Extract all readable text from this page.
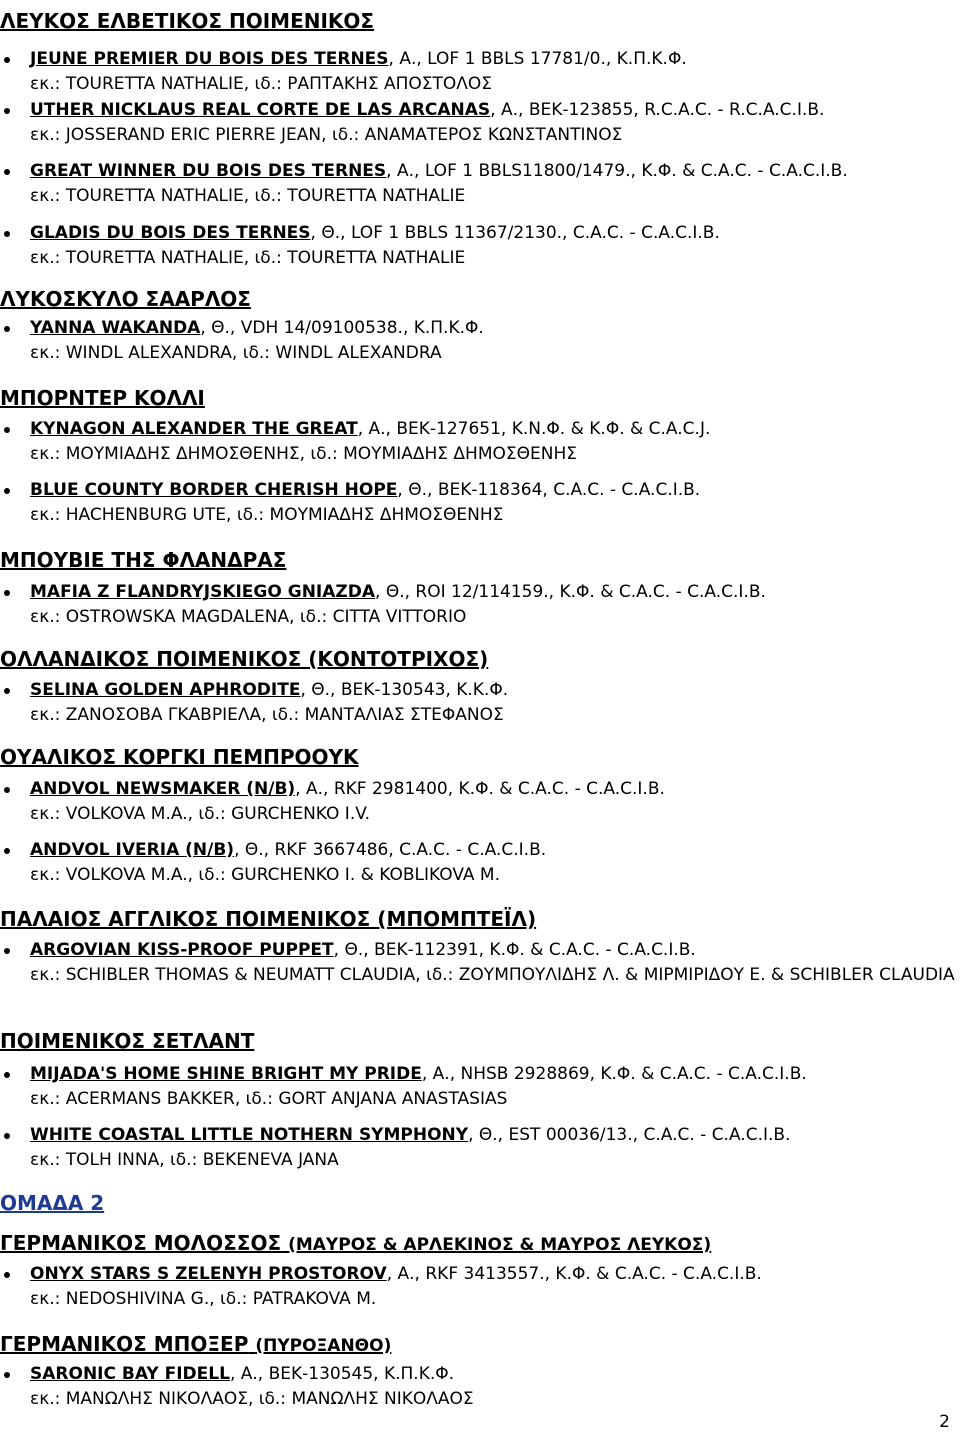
ΛΕΥΚΟΣ ΕΛΒΕΤΙΚΟΣ ΠΟΙΜΕΝΙΚΟΣ
JEUNE PREMIER DU BOIS DES TERNES, Α., LOF 1 BBLS 17781/0., Κ.Π.Κ.Φ.
εκ.: TOURETTA NATHALIE, ιδ.: ΡΑΠΤΑΚΗΣ ΑΠΟΣΤΟΛΟΣ
UTHER NICKLAUS REAL CORTE DE LAS ARCANAS, Α., ΒΕΚ-123855, R.C.A.C. - R.C.A.C.I.B.
εκ.: JOSSERAND ERIC PIERRE JEAN, ιδ.: ΑΝΑΜΑΤΕΡΟΣ ΚΩΝΣΤΑΝΤΙΝΟΣ
GREAT WINNER DU BOIS DES TERNES, Α., LOF 1 BBLS11800/1479., Κ.Φ. & C.A.C. - C.A.C.I.B.
εκ.: TOURETTA NATHALIE, ιδ.: TOURETTA NATHALIE
GLADIS DU BOIS DES TERNES, Θ., LOF 1 BBLS 11367/2130., C.A.C. - C.A.C.I.B.
εκ.: TOURETTA NATHALIE, ιδ.: TOURETTA NATHALIE
ΛΥΚΟΣΚΥΛΟ ΣΑΑΡΛΟΣ
YANNA WAKANDA, Θ., VDH 14/09100538., Κ.Π.Κ.Φ.
εκ.: WINDL ALEXANDRA, ιδ.: WINDL ALEXANDRA
ΜΠΟΡΝΤΕΡ ΚΟΛΛΙ
KYNAGON ALEXANDER THE GREAT, Α., ΒΕΚ-127651, Κ.Ν.Φ. & Κ.Φ. & C.A.C.J.
εκ.: ΜΟΥΜΙΑΔΗΣ ΔΗΜΟΣΘΕΝΗΣ, ιδ.: ΜΟΥΜΙΑΔΗΣ ΔΗΜΟΣΘΕΝΗΣ
BLUE COUNTY BORDER CHERISH HOPE, Θ., ΒΕΚ-118364, C.A.C. - C.A.C.I.B.
εκ.: HACHENBURG UTE, ιδ.: ΜΟΥΜΙΑΔΗΣ ΔΗΜΟΣΘΕΝΗΣ
ΜΠΟΥΒΙΕ ΤΗΣ ΦΛΑΝΔΡΑΣ
MAFIA Z FLANDRYJSKIEGO GNIAZDA, Θ., ROI 12/114159., Κ.Φ. & C.A.C. - C.A.C.I.B.
εκ.: OSTROWSKA MAGDALENA, ιδ.: CITTA VITTORIO
ΟΛΛΑΝΔΙΚΟΣ ΠΟΙΜΕΝΙΚΟΣ (ΚΟΝΤΟΤΡΙΧΟΣ)
SELINA GOLDEN APHRODITE, Θ., ΒΕΚ-130543, Κ.Κ.Φ.
εκ.: ΖΑΝΟΣΟΒΑ ΓΚΑΒΡΙΕΛΑ, ιδ.: ΜΑΝΤΑΛΙΑΣ ΣΤΕΦΑΝΟΣ
ΟΥΑΛΙΚΟΣ ΚΟΡΓΚΙ ΠΕΜΠΡΟΟΥΚ
ANDVOL NEWSMAKER (N/B), Α., RKF 2981400, Κ.Φ. & C.A.C. - C.A.C.I.B.
εκ.: VOLKOVA M.A., ιδ.: GURCHENKO I.V.
ANDVOL IVERIA (N/B), Θ., RKF 3667486, C.A.C. - C.A.C.I.B.
εκ.: VOLKOVA M.A., ιδ.: GURCHENKO I. & KOBLIKOVA M.
ΠΑΛΑΙΟΣ ΑΓΓΛΙΚΟΣ ΠΟΙΜΕΝΙΚΟΣ (ΜΠΟΜΠΤΕΪΛ)
ARGOVIAN KISS-PROOF PUPPET, Θ., ΒΕΚ-112391, Κ.Φ. & C.A.C. - C.A.C.I.B.
εκ.: SCHIBLER THOMAS & NEUMATT CLAUDIA, ιδ.: ΖΟΥΜΠΟΥΛΙΔΗΣ Λ. & ΜΙΡΜΙΡΙΔΟΥ Ε. & SCHIBLER CLAUDIA
ΠΟΙΜΕΝΙΚΟΣ ΣΕΤΛΑΝΤ
MIJADA'S HOME SHINE BRIGHT MY PRIDE, Α., NHSB 2928869, Κ.Φ. & C.A.C. - C.A.C.I.B.
εκ.: ACERMANS BAKKER, ιδ.: GORT ANJANA ANASTASIAS
WHITE COASTAL LITTLE NOTHERN SYMPHONY, Θ., EST 00036/13., C.A.C. - C.A.C.I.B.
εκ.: TOLH INNA, ιδ.: BEKENEVA JANA
ΟΜΑΔΑ 2
ΓΕΡΜΑΝΙΚΟΣ ΜΟΛΟΣΣΟΣ (ΜΑΥΡΟΣ & ΑΡΛΕΚΙΝΟΣ & ΜΑΥΡΟΣ ΛΕΥΚΟΣ)
ONYX STARS S ZELENYH PROSTOROV, Α., RKF 3413557., Κ.Φ. & C.A.C. - C.A.C.I.B.
εκ.: NEDOSHIVINA G., ιδ.: PATRAKOVA M.
ΓΕΡΜΑΝΙΚΟΣ ΜΠΟΞΕΡ (ΠΥΡΟΞΑΝΘΟ)
SARONIC BAY FIDELL, Α., ΒΕΚ-130545, Κ.Π.Κ.Φ.
εκ.: ΜΑΝΩΛΗΣ ΝΙΚΟΛΑΟΣ, ιδ.: ΜΑΝΩΛΗΣ ΝΙΚΟΛΑΟΣ
2
